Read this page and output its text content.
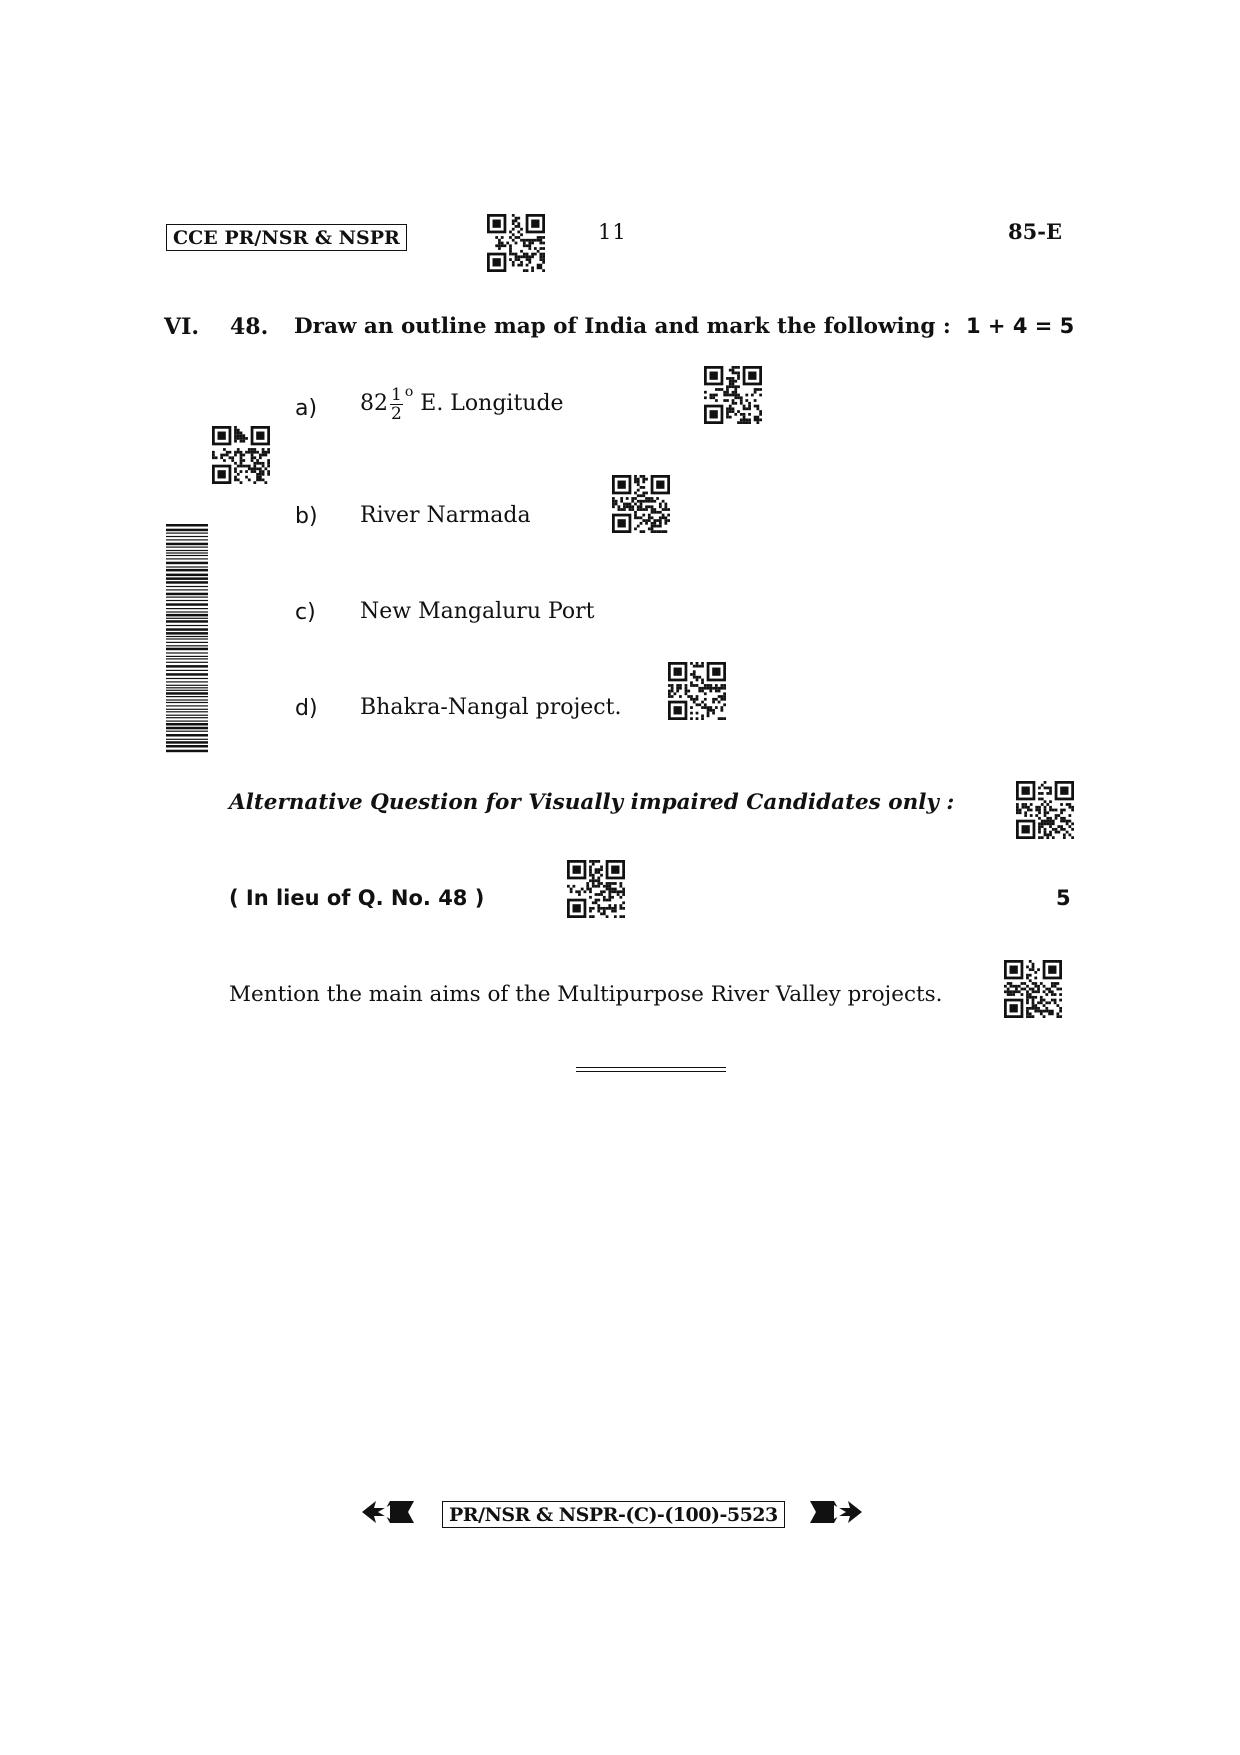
CCE PR/NSR & NSPR	11	85-E
VI. 48. Draw an outline map of India and mark the following : 1 + 4 = 5
a) $82 \frac{1}{2} ^o$ E. Longitude
b) River Narmada
c) New Mangaluru Port
d) Bhakra-Nangal project.
Alternative Question for Visually impaired Candidates only :
( In lieu of Q. No. 48 )	5
Mention the main aims of the Multipurpose River Valley projects.
PR/NSR & NSPR-(C)-(100)-5523
